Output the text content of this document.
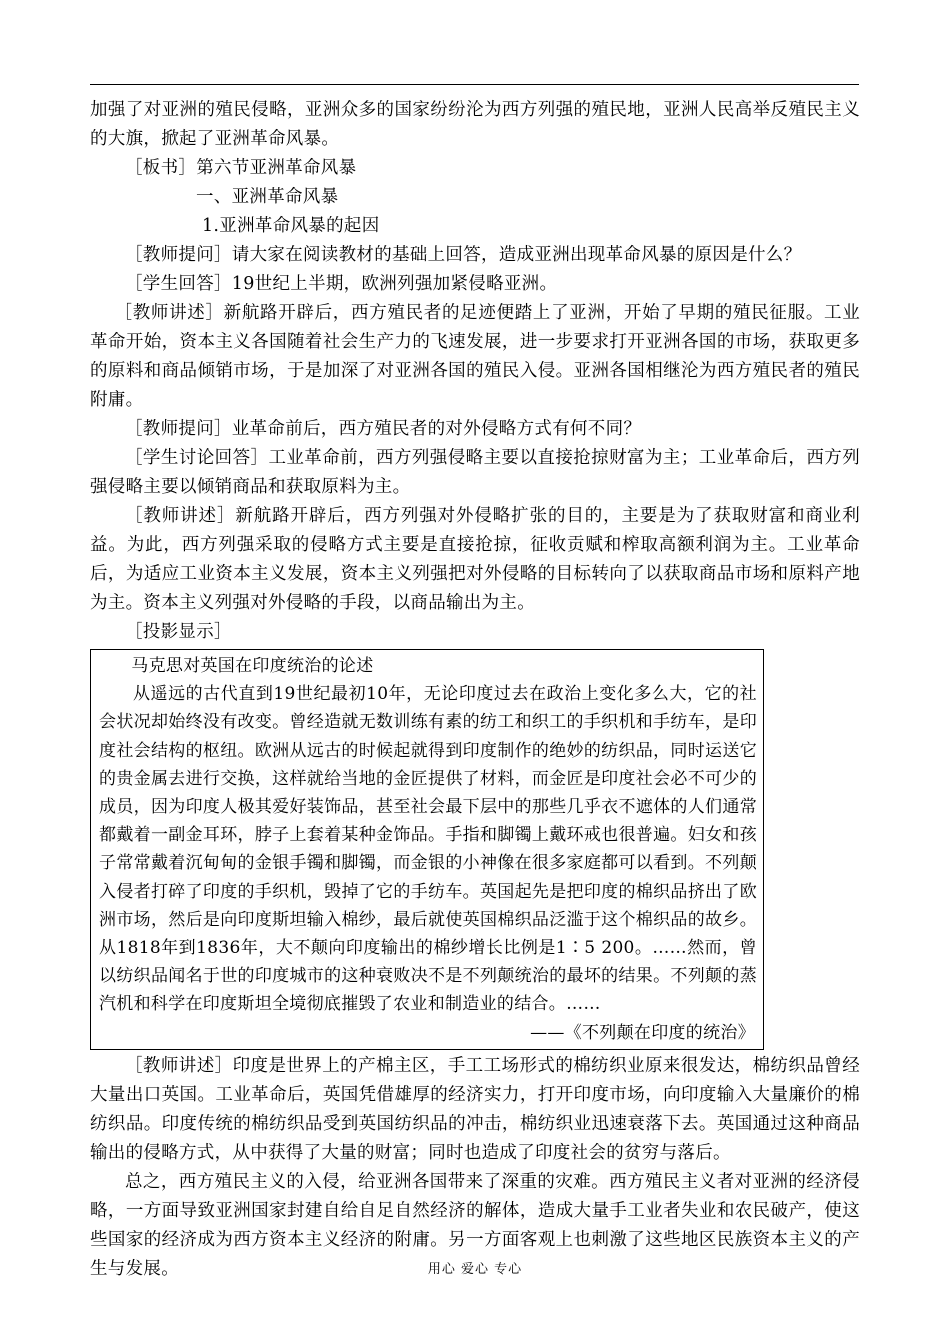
加强了对亚洲的殖民侵略，亚洲众多的国家纷纷沦为西方列强的殖民地，亚洲人民高举反殖民主义的大旗，掀起了亚洲革命风暴。

［板书］第六节亚洲革命风暴

一、亚洲革命风暴

1.亚洲革命风暴的起因

［教师提问］请大家在阅读教材的基础上回答，造成亚洲出现革命风暴的原因是什么？

［学生回答］19世纪上半期，欧洲列强加紧侵略亚洲。

［教师讲述］新航路开辟后，西方殖民者的足迹便踏上了亚洲，开始了早期的殖民征服。工业革命开始，资本主义各国随着社会生产力的飞速发展，进一步要求打开亚洲各国的市场，获取更多的原料和商品倾销市场，于是加深了对亚洲各国的殖民入侵。亚洲各国相继沦为西方殖民者的殖民附庸。

［教师提问］业革命前后，西方殖民者的对外侵略方式有何不同？

［学生讨论回答］工业革命前，西方列强侵略主要以直接抢掠财富为主；工业革命后，西方列强侵略主要以倾销商品和获取原料为主。

［教师讲述］新航路开辟后，西方列强对外侵略扩张的目的，主要是为了获取财富和商业利益。为此，西方列强采取的侵略方式主要是直接抢掠，征收贡赋和榨取高额利润为主。工业革命后，为适应工业资本主义发展，资本主义列强把对外侵略的目标转向了以获取商品市场和原料产地为主。资本主义列强对外侵略的手段，以商品输出为主。

［投影显示］

马克思对英国在印度统治的论述

从遥远的古代直到19世纪最初10年，无论印度过去在政治上变化多么大，它的社会状况却始终没有改变。曾经造就无数训练有素的纺工和织工的手织机和手纺车，是印度社会结构的枢纽。欧洲从远古的时候起就得到印度制作的绝妙的纺织品，同时运送它的贵金属去进行交换，这样就给当地的金匠提供了材料，而金匠是印度社会必不可少的成员，因为印度人极其爱好装饰品，甚至社会最下层中的那些几乎衣不遮体的人们通常都戴着一副金耳环，脖子上套着某种金饰品。手指和脚镯上戴环戒也很普遍。妇女和孩子常常戴着沉甸甸的金银手镯和脚镯，而金银的小神像在很多家庭都可以看到。不列颠入侵者打碎了印度的手织机，毁掉了它的手纺车。英国起先是把印度的棉织品挤出了欧洲市场，然后是向印度斯坦输入棉纱，最后就使英国棉织品泛滥于这个棉织品的故乡。从1818年到1836年，大不颠向印度输出的棉纱增长比例是1∶5 200。……然而，曾以纺织品闻名于世的印度城市的这种衰败决不是不列颠统治的最坏的结果。不列颠的蒸汽机和科学在印度斯坦全境彻底摧毁了农业和制造业的结合。……

——《不列颠在印度的统治》

［教师讲述］印度是世界上的产棉主区，手工工场形式的棉纺织业原来很发达，棉纺织品曾经大量出口英国。工业革命后，英国凭借雄厚的经济实力，打开印度市场，向印度输入大量廉价的棉纺织品。印度传统的棉纺织品受到英国纺织品的冲击，棉纺织业迅速衰落下去。英国通过这种商品输出的侵略方式，从中获得了大量的财富；同时也造成了印度社会的贫穷与落后。

总之，西方殖民主义的入侵，给亚洲各国带来了深重的灾难。西方殖民主义者对亚洲的经济侵略，一方面导致亚洲国家封建自给自足自然经济的解体，造成大量手工业者失业和农民破产，使这些国家的经济成为西方资本主义经济的附庸。另一方面客观上也刺激了这些地区民族资本主义的产生与发展。	用心 爱心 专心
